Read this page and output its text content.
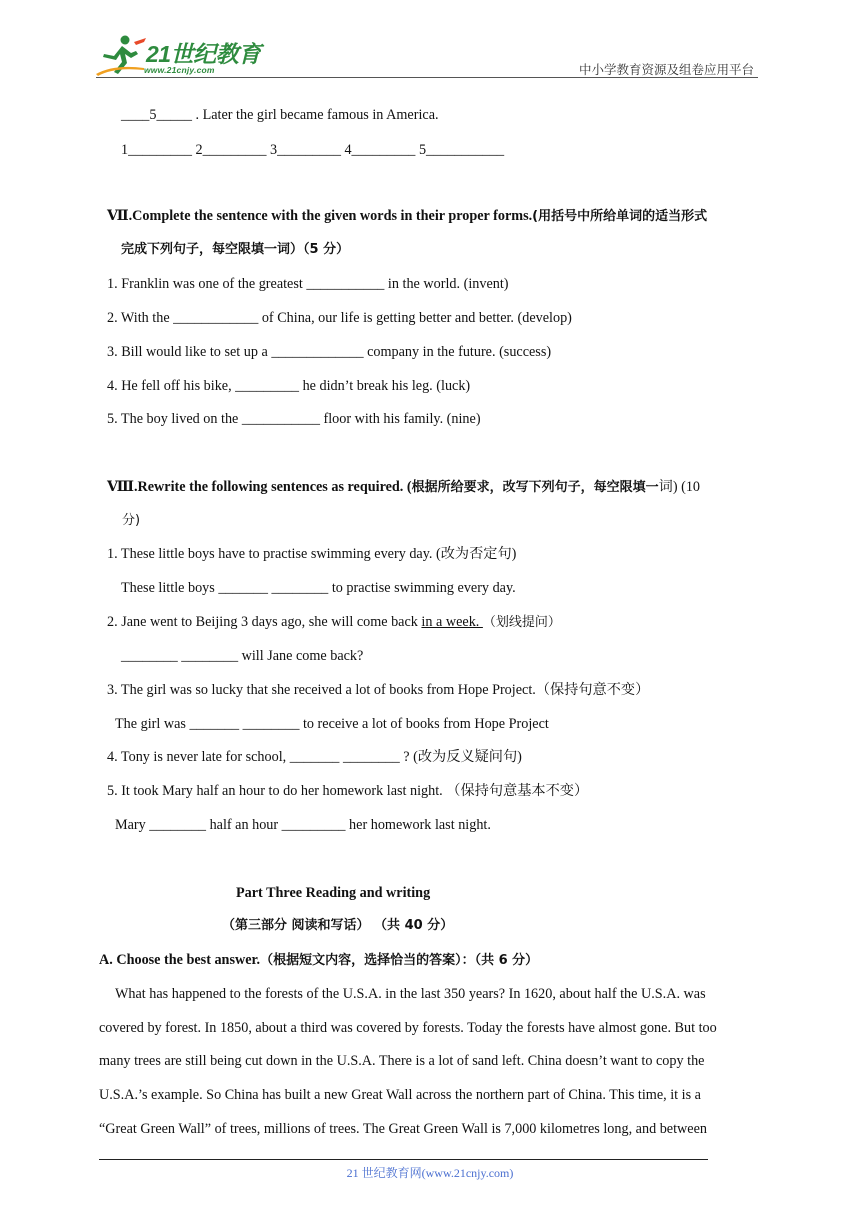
21世纪教育
www.21cnjy.com	中小学教育资源及组卷应用平台
____5_____ . Later the girl became famous in America.
1_________ 2_________ 3_________ 4_________ 5___________
Ⅶ.Complete the sentence with the given words in their proper forms.(用括号中所给单词的适当形式
完成下列句子，每空限填一词）（5 分）
1. Franklin was one of the greatest ___________ in the world. (invent)
2. With the ____________ of China, our life is getting better and better. (develop)
3. Bill would like to set up a _____________ company in the future. (success)
4. He fell off his bike, _________ he didn’t break his leg. (luck)
5. The boy lived on the ___________ floor with his family. (nine)
Ⅷ.Rewrite the following sentences as required. (根据所给要求，改写下列句子，每空限填一词) (10
分)
1. These little boys have to practise swimming every day. (改为否定句)
These little boys _______ ________ to practise swimming every day.
2. Jane went to Beijing 3 days ago, she will come back in a week. （划线提问）
________ ________ will Jane come back?
3. The girl was so lucky that she received a lot of books from Hope Project.（保持句意不变）
The girl was _______ ________ to receive a lot of books from Hope Project
4. Tony is never late for school, _______ ________ ? (改为反义疑问句)
5. It took Mary half an hour to do her homework last night. （保持句意基本不变）
Mary ________ half an hour _________ her homework last night.
Part Three Reading and writing
（第三部分 阅读和写话） （共 40 分）
A. Choose the best answer.（根据短文内容，选择恰当的答案）：（共 6 分）
What has happened to the forests of the U.S.A. in the last 350 years? In 1620, about half the U.S.A. was
covered by forest. In 1850, about a third was covered by forests. Today the forests have almost gone. But too
many trees are still being cut down in the U.S.A. There is a lot of sand left. China doesn’t want to copy the
U.S.A.’s example. So China has built a new Great Wall across the northern part of China. This time, it is a
“Great Green Wall” of trees, millions of trees. The Great Green Wall is 7,000 kilometres long, and between
21 世纪教育网(www.21cnjy.com)
